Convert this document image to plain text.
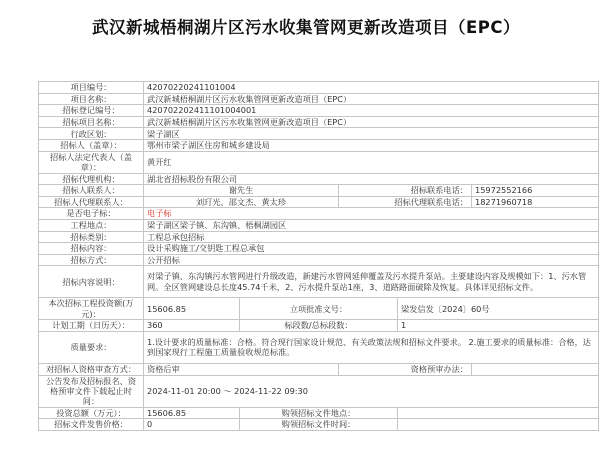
武汉新城梧桐湖片区污水收集管网更新改造项目（EPC）
项目编号：	42070220241101004				
项目名称：	武汉新城梧桐湖片区污水收集管网更新改造项目（EPC）				
招标登记编号：	420702202411101004001				
招标项目名称：	武汉新城梧桐湖片区污水收集管网更新改造项目（EPC）				
行政区划：	梁子湖区				
招标人（盖章）：	鄂州市梁子湖区住房和城乡建设局				
招标人法定代表人（盖章）：	黄开红				
招标代理机构：	湖北省招标股份有限公司				
招标人联系人：	谢先生		招标联系电话：		15972552166
招标人代理联系人：	刘玎光、邵文杰、黄太珍		招标代理联系电话：		18271960718
是否电子标：	电子标				
工程地点：	梁子湖区梁子镇、东沟镇、梧桐湖园区				
招标类别：	工程总承包招标				
招标内容：	设计采购施工/交钥匙工程总承包				
招标方式：	公开招标				
招标内容说明：	对梁子镇、东沟镇污水管网进行升级改造，新建污水管网延伸覆盖及污水提升泵站。主要建设内容及规模如下：1、污水管网。全区管网建设总长度45.74千米，2、污水提升泵站1座，3、道路路面破除及恢复。具体详见招标文件。				
本次招标工程投资额(万元)：	15606.85	立项批准文号：		梁发信发〔2024〕60号	
计划工期（日历天）：	360	标段数/总标段数：		1	
质量要求：	1.设计要求的质量标准：合格。符合现行国家设计规范、有关政策法规和招标文件要求。 2.施工要求的质量标准：合格，达到国家现行工程施工质量验收规范标准。				
对招标人资格审查方式：	资格后审		资格预审办法：		
公告发布及招标报名、资格预审文件下载起止时间：	2024-11-01 20:00 ～ 2024-11-22 09:30				
投资总额（万元）：	15606.85	购领招标文件地点：			
招标文件发售价格：	0	购领招标文件时间：			
